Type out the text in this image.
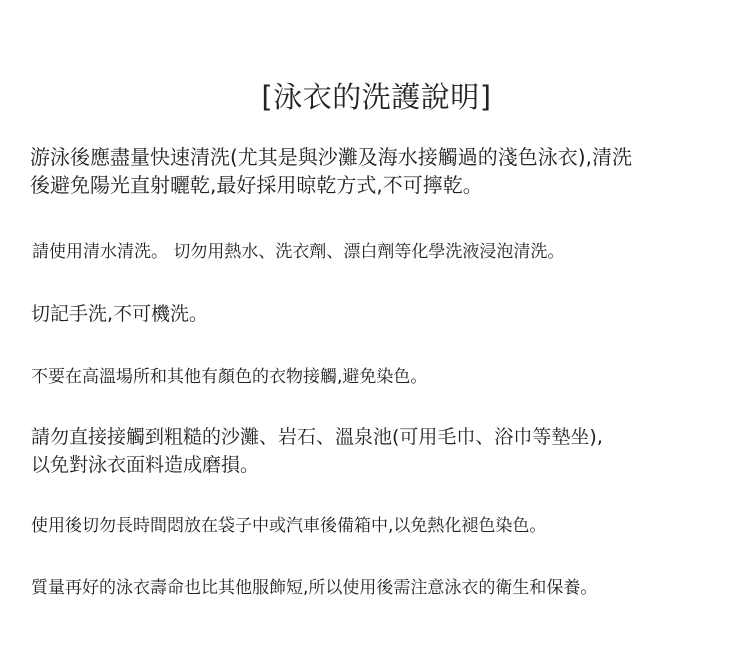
[泳衣的洗護說明]

游泳後應盡量快速清洗(尤其是與沙灘及海水接觸過的淺色泳衣),清洗
後避免陽光直射曬乾,最好採用晾乾方式,不可擰乾。

請使用清水清洗。 切勿用熱水、洗衣劑、漂白劑等化學洗液浸泡清洗。

切記手洗,不可機洗。

不要在高溫場所和其他有顏色的衣物接觸,避免染色。

請勿直接接觸到粗糙的沙灘、岩石、溫泉池(可用毛巾、浴巾等墊坐),
以免對泳衣面料造成磨損。

使用後切勿長時間悶放在袋子中或汽車後備箱中,以免熱化褪色染色。

質量再好的泳衣壽命也比其他服飾短,所以使用後需注意泳衣的衛生和保養。
